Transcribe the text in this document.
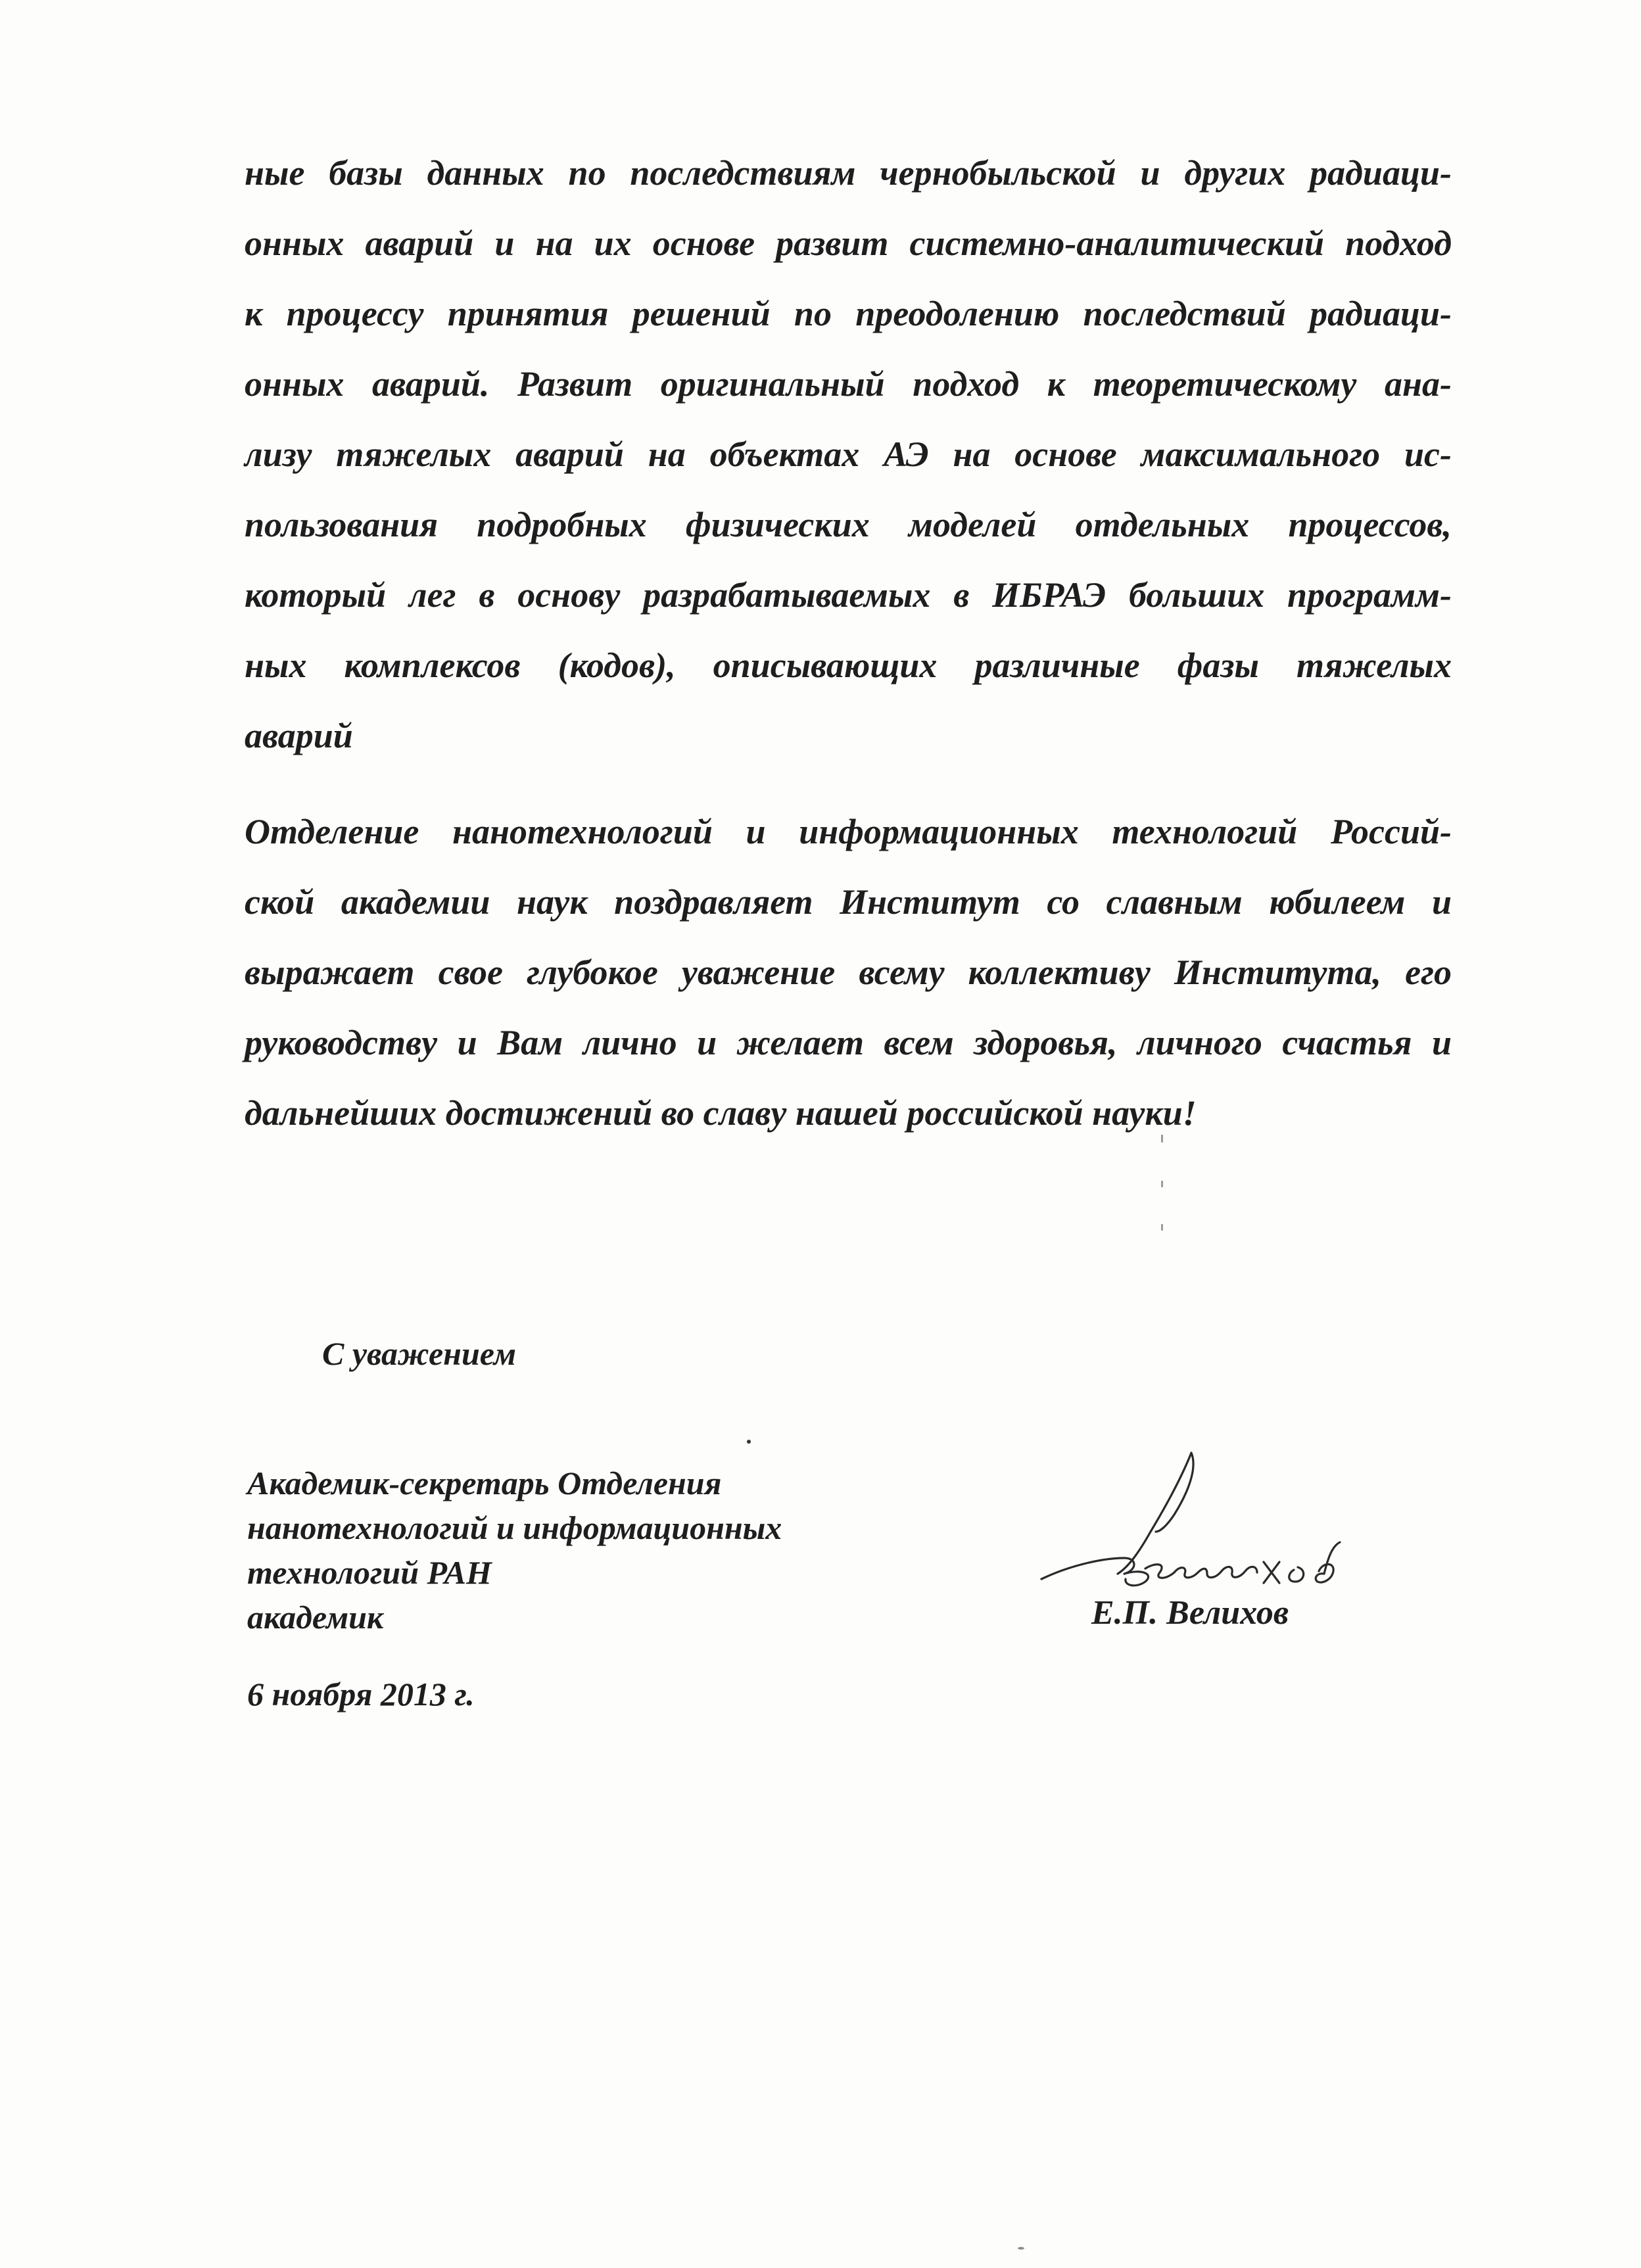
ные базы данных по последствиям чернобыльской и других радиаци-
онных аварий и на их основе развит системно-аналитический подход
к процессу принятия решений по преодолению последствий радиаци-
онных аварий. Развит оригинальный подход к теоретическому ана-
лизу тяжелых аварий на объектах АЭ на основе максимального ис-
пользования подробных физических моделей отдельных процессов,
который лег в основу разрабатываемых в ИБРАЭ больших программ-
ных комплексов (кодов), описывающих различные фазы тяжелых
аварий
Отделение нанотехнологий и информационных технологий Россий-
ской академии наук поздравляет Институт со славным юбилеем и
выражает свое глубокое уважение всему коллективу Института, его
руководству и Вам лично и желает всем здоровья, личного счастья и
дальнейших достижений во славу нашей российской науки!

С уважением

Академик-секретарь Отделения
нанотехнологий и информационных
технологий РАН
академик	Е.П. Велихов

6 ноября 2013 г.
